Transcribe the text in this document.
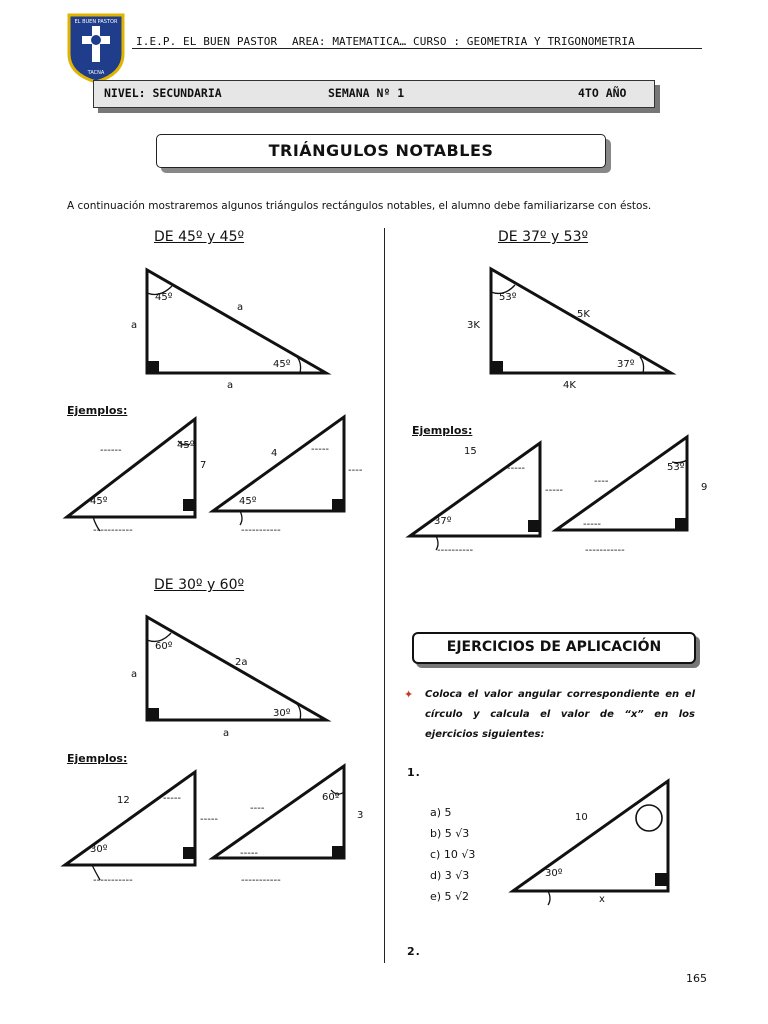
EL BUEN PASTOR
TACNA
I.E.P. EL BUEN PASTOR AREA: MATEMATICA… CURSO : GEOMETRIA Y TRIGONOMETRIA
NIVEL: SECUNDARIA	SEMANA Nº 1	4TO AÑO
TRIÁNGULOS NOTABLES
A continuación mostraremos algunos triángulos rectángulos notables, el alumno debe familiarizarse con éstos.
DE 45º y 45º	DE 37º y 53º
DE 30º y 60º
Ejemplos:
Ejemplos:
Ejemplos:
45º
45º
a
a
a
53º
37º
3K
5K
4K
60º
30º
a
2a
a
------	45º
7
45º
-----------
4	-----
----
45º
-----------
15
-----
37º
----------
-----
----
-----
53º
9
-----------
12	-----
-----
30º
-----------
----
60º
3
-----
-----------
10
30º
x
EJERCICIOS DE APLICACIÓN
✦ Coloca el valor angular correspondiente en el círculo y calcula el valor de “x” en los ejercicios siguientes:
1.
2.
a) 5
b) 5 √3
c) 10 √3
d) 3 √3
e) 5 √2
165
